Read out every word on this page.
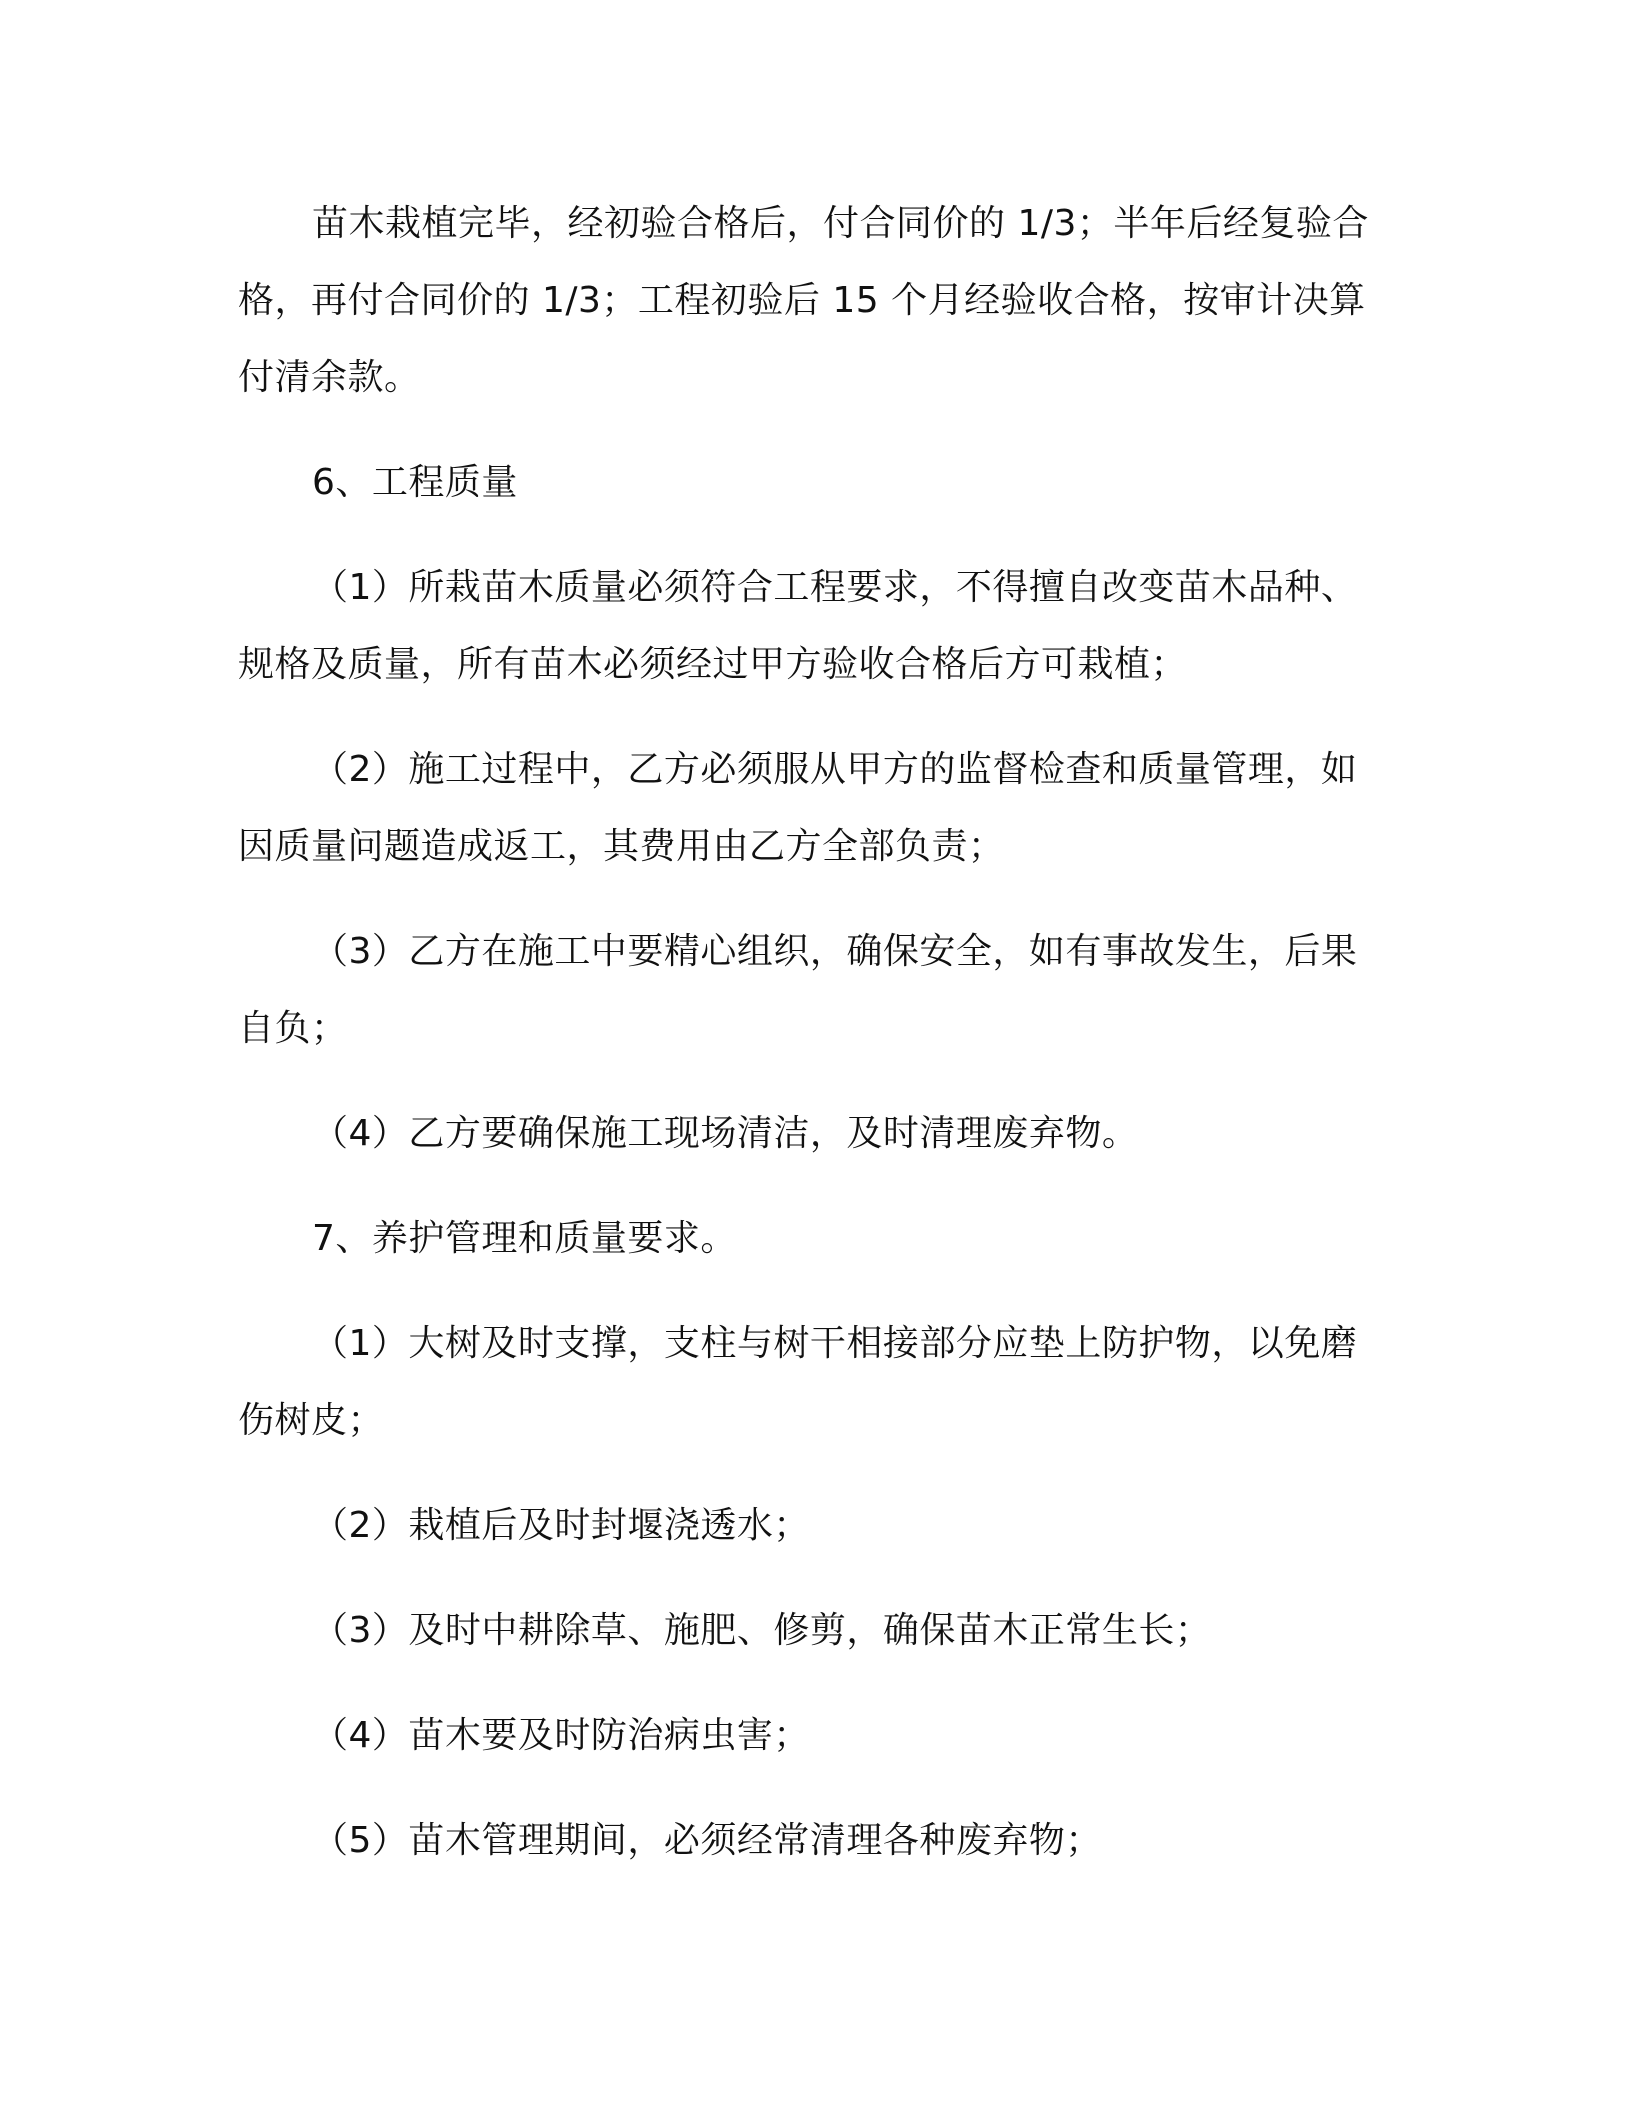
苗木栽植完毕，经初验合格后，付合同价的 1/3；半年后经复验合格，再付合同价的 1/3；工程初验后 15 个月经验收合格，按审计决算付清余款。

6、工程质量

（1）所栽苗木质量必须符合工程要求，不得擅自改变苗木品种、规格及质量，所有苗木必须经过甲方验收合格后方可栽植；

（2）施工过程中，乙方必须服从甲方的监督检查和质量管理，如因质量问题造成返工，其费用由乙方全部负责；

（3）乙方在施工中要精心组织，确保安全，如有事故发生，后果自负；

（4）乙方要确保施工现场清洁，及时清理废弃物。

7、养护管理和质量要求。

（1）大树及时支撑，支柱与树干相接部分应垫上防护物，以免磨伤树皮；

（2）栽植后及时封堰浇透水；

（3）及时中耕除草、施肥、修剪，确保苗木正常生长；

（4）苗木要及时防治病虫害；

（5）苗木管理期间，必须经常清理各种废弃物；
